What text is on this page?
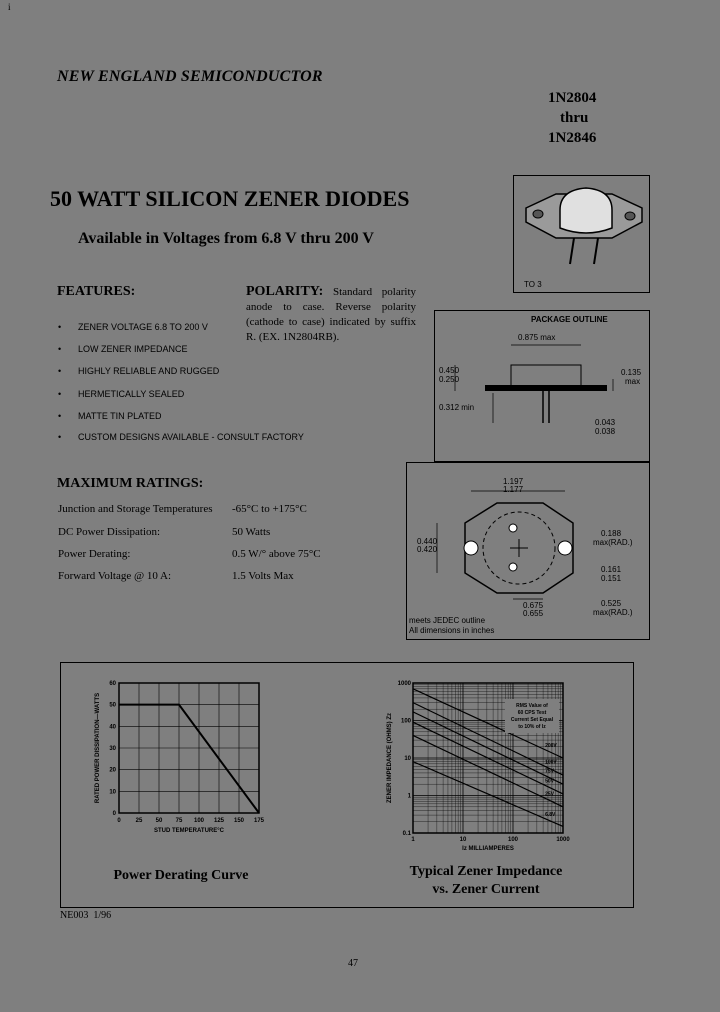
i
NEW ENGLAND SEMICONDUCTOR
1N2804
thru
1N2846
50 WATT SILICON ZENER DIODES
Available in Voltages from 6.8 V thru 200 V
TO 3
FEATURES:
• ZENER VOLTAGE 6.8 TO 200 V
• LOW ZENER IMPEDANCE
• HIGHLY RELIABLE AND RUGGED
• HERMETICALLY SEALED
• MATTE TIN PLATED
• CUSTOM DESIGNS AVAILABLE - CONSULT FACTORY
POLARITY: Standard polarity anode to case. Reverse polarity (cathode to case) indicated by suffix R. (EX. 1N2804RB).
PACKAGE OUTLINE
0.875 max
0.450
0.250
0.135
max
0.312 min
0.043
0.038
1.197
1.177
0.440
0.420
0.188
max(RAD.)
0.161
0.151
0.675
0.655
0.525
max(RAD.)
meets JEDEC outline
All dimensions in inches
MAXIMUM RATINGS:
Junction and Storage Temperatures -65°C to +175°C
DC Power Dissipation:	50 Watts
Power Derating:	0.5 W/° above 75°C
Forward Voltage @ 10 A:	1.5 Volts Max
0 25 50 75 100 125 150 175
0
10
20
30
40
50
60
STUD TEMPERATURE°C
RATED POWER DISSIPATION—WATTS
Power Derating Curve
1	10	100	1000
1000
100
10
1
0.1
200V
100V
75V
50V
25V
6.8V
RMS Value of
60 CPS Test
Current Set Equal
to 10% of Iz
Iz MILLIAMPERES
ZENER IMPEDANCE (OHMS) Zz
Typical Zener Impedance
vs. Zener Current
NE003 1/96
47
